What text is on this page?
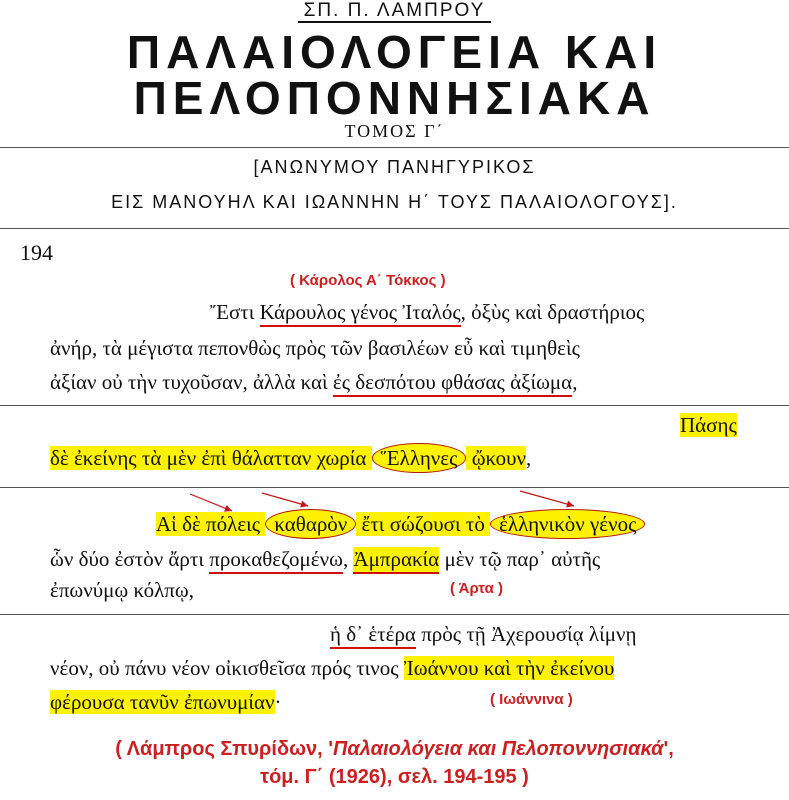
ΣΠ. Π. ΛΑΜΠΡΟΥ
ΠΑΛΑΙΟΛΟΓΕΙΑ ΚΑΙ
ΠΕΛΟΠΟΝΝΗΣΙΑΚΑ
ΤΟΜΟΣ Γ΄
[ΑΝΩΝΥΜΟΥ ΠΑΝΗΓΥΡΙΚΟΣ
ΕΙΣ ΜΑΝΟΥΗΛ ΚΑΙ ΙΩΑΝΝΗΝ Η΄ ΤΟΥΣ ΠΑΛΑΙΟΛΟΓΟΥΣ].
194
( Κάρολος Α΄ Τόκκος )
Ἔστι Κάρουλος γένος Ἰταλός, ὀξὺς καὶ δραστήριος
ἀνήρ, τὰ μέγιστα πεπονθὼς πρὸς τῶν βασιλέων εὖ καὶ τιμηθεὶς
ἀξίαν οὐ τὴν τυχοῦσαν, ἀλλὰ καὶ ἐς δεσπότου φθάσας ἀξίωμα,
Πάσης
δὲ ἐκείνης τὰ μὲν ἐπὶ θάλατταν χωρία Ἕλληνες ᾤκουν,
Αἱ δὲ πόλεις καθαρὸν ἔτι σώζουσι τὸ ἑλληνικὸν γένος
ὧν δύο ἐστὸν ἄρτι προκαθεζομένω, Ἀμπρακία μὲν τῷ παρ᾽ αὐτῆς
ἐπωνύμῳ κόλπῳ,	( Άρτα )
ἡ δ᾽ ἑτέρα πρὸς τῇ Ἀχερουσίᾳ λίμνῃ
νέον, οὐ πάνυ νέον οἰκισθεῖσα πρός τινος Ἰωάννου καὶ τὴν ἐκείνου
φέρουσα τανῦν ἐπωνυμίαν·	( Ιωάννινα )
( Λάμπρος Σπυρίδων, 'Παλαιολόγεια και Πελοποννησιακά',
τόμ. Γ΄ (1926), σελ. 194-195 )
